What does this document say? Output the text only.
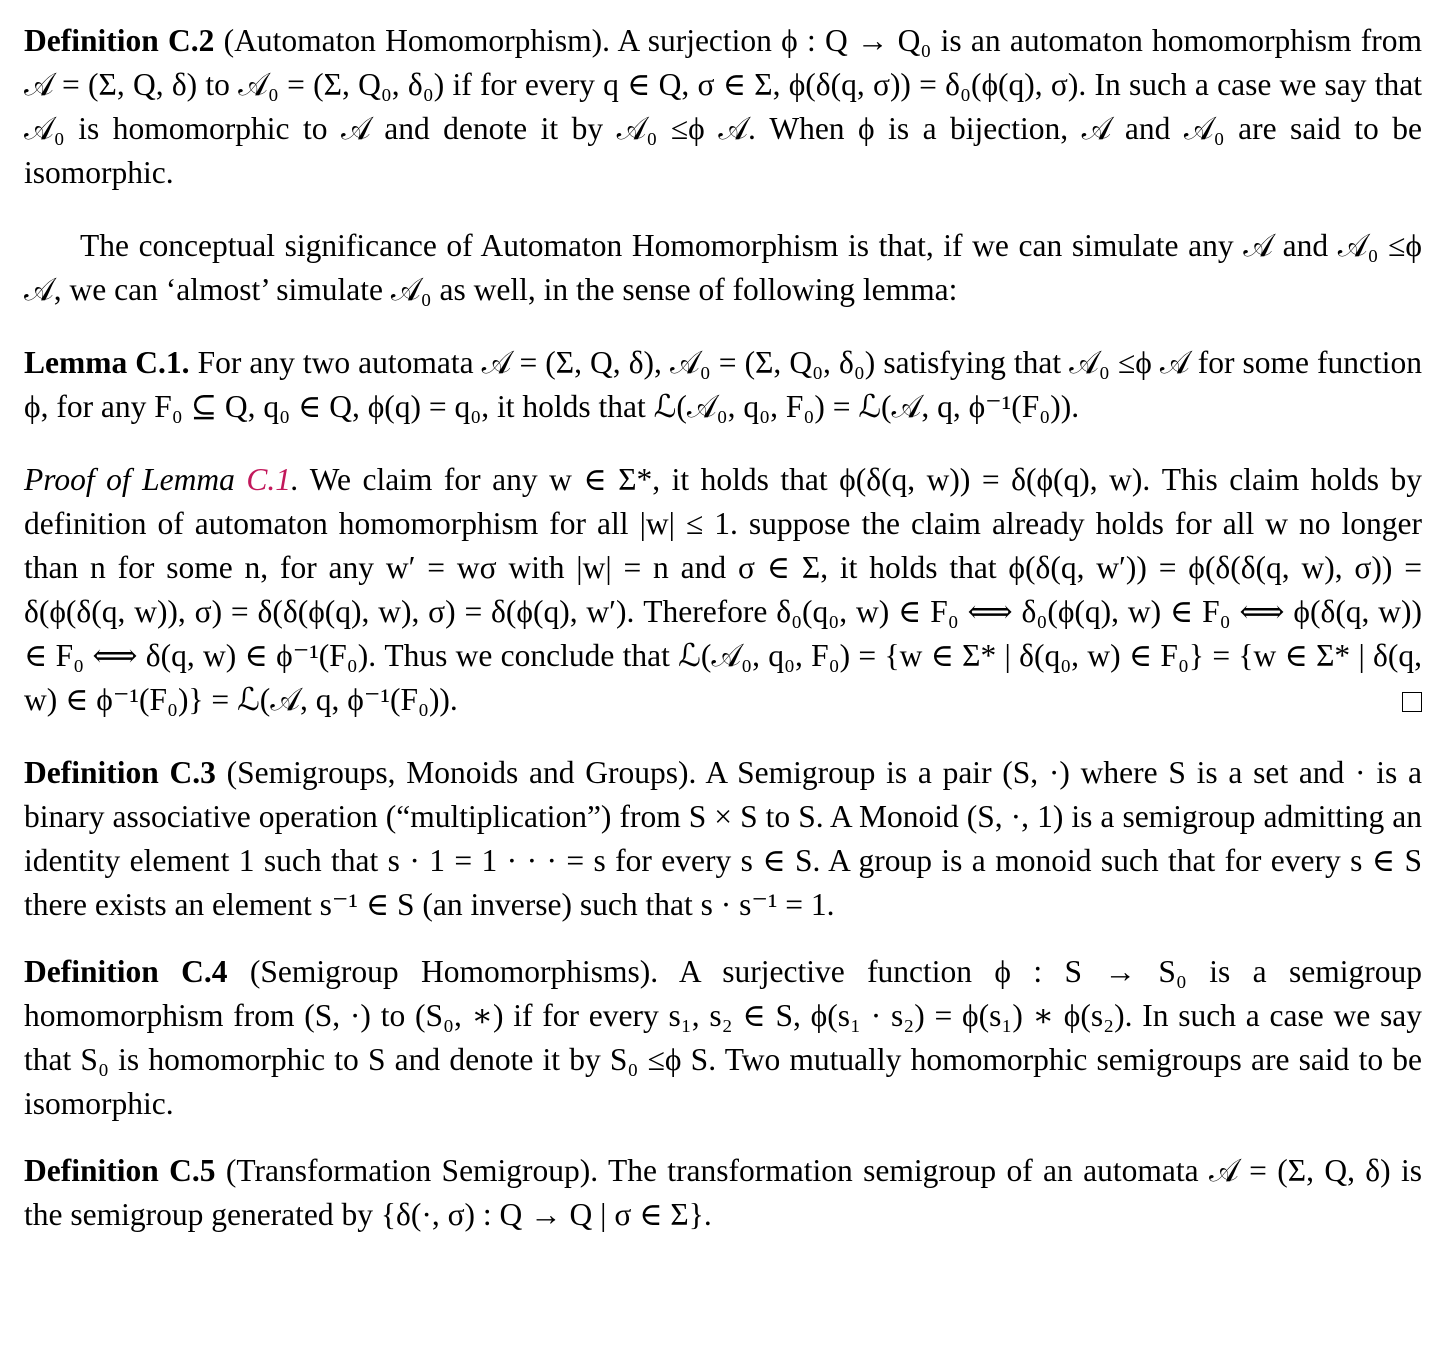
Definition C.2 (Automaton Homomorphism). A surjection ϕ : Q → Q₀ is an automaton homomorphism from 𝒜 = (Σ, Q, δ) to 𝒜₀ = (Σ, Q₀, δ₀) if for every q ∈ Q, σ ∈ Σ, ϕ(δ(q, σ)) = δ₀(ϕ(q), σ). In such a case we say that 𝒜₀ is homomorphic to 𝒜 and denote it by 𝒜₀ ≤ϕ 𝒜. When ϕ is a bijection, 𝒜 and 𝒜₀ are said to be isomorphic.

The conceptual significance of Automaton Homomorphism is that, if we can simulate any 𝒜 and 𝒜₀ ≤ϕ 𝒜, we can ‘almost’ simulate 𝒜₀ as well, in the sense of following lemma:

Lemma C.1. For any two automata 𝒜 = (Σ, Q, δ), 𝒜₀ = (Σ, Q₀, δ₀) satisfying that 𝒜₀ ≤ϕ 𝒜 for some function ϕ, for any F₀ ⊆ Q, q₀ ∈ Q, ϕ(q) = q₀, it holds that ℒ(𝒜₀, q₀, F₀) = ℒ(𝒜, q, ϕ⁻¹(F₀)).

Proof of Lemma C.1. We claim for any w ∈ Σ*, it holds that ϕ(δ(q, w)) = δ(ϕ(q), w). This claim holds by definition of automaton homomorphism for all |w| ≤ 1. suppose the claim already holds for all w no longer than n for some n, for any w′ = wσ with |w| = n and σ ∈ Σ, it holds that ϕ(δ(q, w′)) = ϕ(δ(δ(q, w), σ)) = δ(ϕ(δ(q, w)), σ) = δ(δ(ϕ(q), w), σ) = δ(ϕ(q), w′). Therefore δ₀(q₀, w) ∈ F₀ ⟺ δ₀(ϕ(q), w) ∈ F₀ ⟺ ϕ(δ(q, w)) ∈ F₀ ⟺ δ(q, w) ∈ ϕ⁻¹(F₀). Thus we conclude that ℒ(𝒜₀, q₀, F₀) = {w ∈ Σ* | δ(q₀, w) ∈ F₀} = {w ∈ Σ* | δ(q, w) ∈ ϕ⁻¹(F₀)} = ℒ(𝒜, q, ϕ⁻¹(F₀)).

Definition C.3 (Semigroups, Monoids and Groups). A Semigroup is a pair (S, ·) where S is a set and · is a binary associative operation (“multiplication”) from S × S to S. A Monoid (S, ·, 1) is a semigroup admitting an identity element 1 such that s · 1 = 1 · · · = s for every s ∈ S. A group is a monoid such that for every s ∈ S there exists an element s⁻¹ ∈ S (an inverse) such that s · s⁻¹ = 1.

Definition C.4 (Semigroup Homomorphisms). A surjective function ϕ : S → S₀ is a semigroup homomorphism from (S, ·) to (S₀, ∗) if for every s₁, s₂ ∈ S, ϕ(s₁ · s₂) = ϕ(s₁) ∗ ϕ(s₂). In such a case we say that S₀ is homomorphic to S and denote it by S₀ ≤ϕ S. Two mutually homomorphic semigroups are said to be isomorphic.

Definition C.5 (Transformation Semigroup). The transformation semigroup of an automata 𝒜 = (Σ, Q, δ) is the semigroup generated by {δ(·, σ) : Q → Q | σ ∈ Σ}.
